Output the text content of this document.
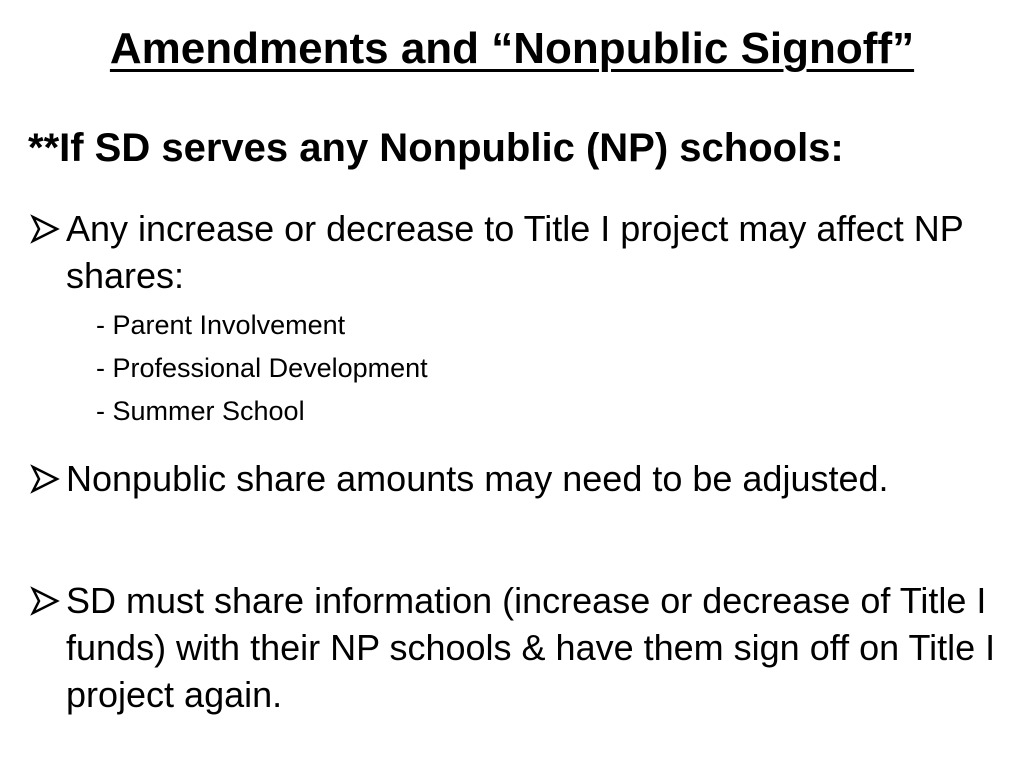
Amendments and “Nonpublic Signoff”
**If SD serves any Nonpublic (NP) schools:
Any increase or decrease to Title I project may affect NP shares:
- Parent Involvement
- Professional Development
- Summer School
Nonpublic share amounts may need to be adjusted.
SD must share information (increase or decrease of Title I funds) with their NP schools & have them sign off on Title I project again.
